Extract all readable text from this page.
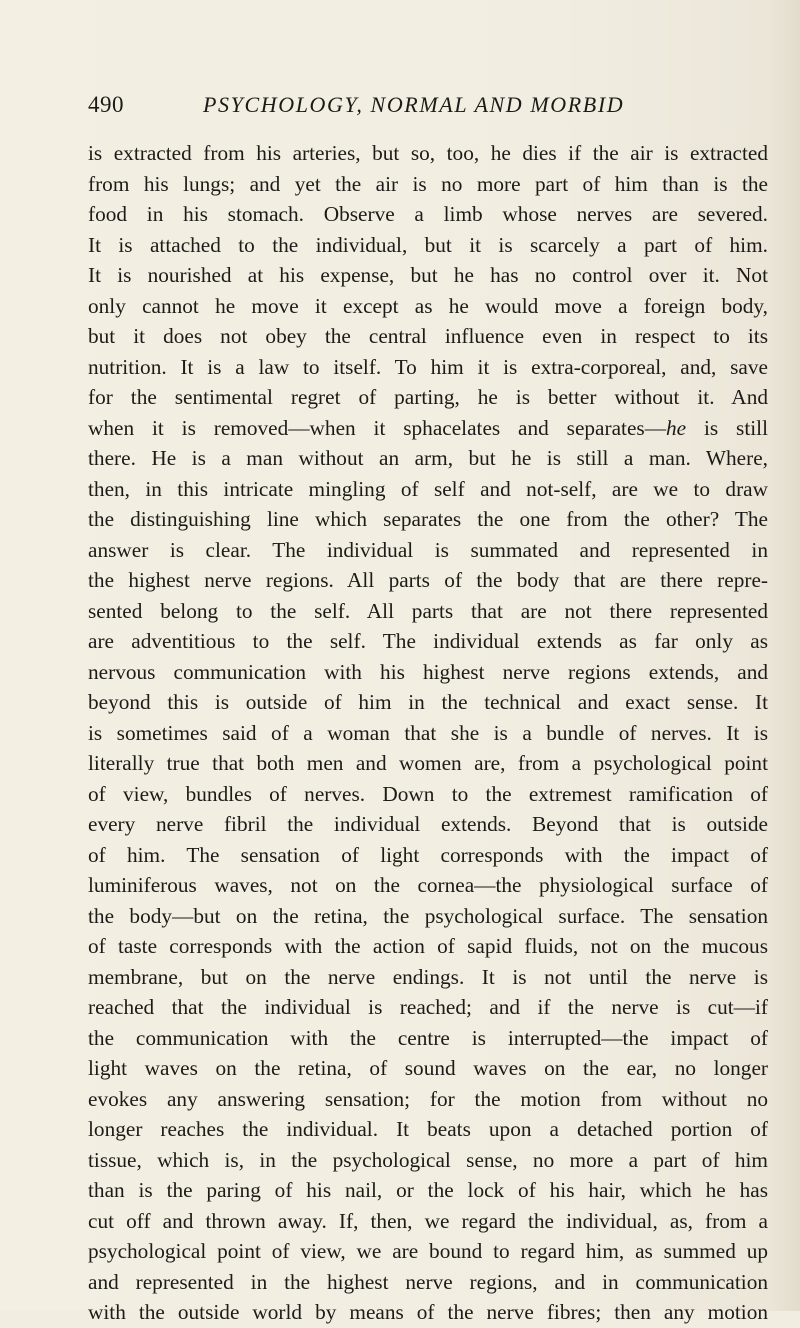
490	PSYCHOLOGY, NORMAL AND MORBID
is extracted from his arteries, but so, too, he dies if the air is extracted
from his lungs; and yet the air is no more part of him than is the
food in his stomach. Observe a limb whose nerves are severed.
It is attached to the individual, but it is scarcely a part of him.
It is nourished at his expense, but he has no control over it. Not
only cannot he move it except as he would move a foreign body,
but it does not obey the central influence even in respect to its
nutrition. It is a law to itself. To him it is extra-corporeal, and, save
for the sentimental regret of parting, he is better without it. And
when it is removed—when it sphacelates and separates—he is still
there. He is a man without an arm, but he is still a man. Where,
then, in this intricate mingling of self and not-self, are we to draw
the distinguishing line which separates the one from the other? The
answer is clear. The individual is summated and represented in
the highest nerve regions. All parts of the body that are there repre-
sented belong to the self. All parts that are not there represented
are adventitious to the self. The individual extends as far only as
nervous communication with his highest nerve regions extends, and
beyond this is outside of him in the technical and exact sense. It
is sometimes said of a woman that she is a bundle of nerves. It is
literally true that both men and women are, from a psychological point
of view, bundles of nerves. Down to the extremest ramification of
every nerve fibril the individual extends. Beyond that is outside
of him. The sensation of light corresponds with the impact of
luminiferous waves, not on the cornea—the physiological surface of
the body—but on the retina, the psychological surface. The sensation
of taste corresponds with the action of sapid fluids, not on the mucous
membrane, but on the nerve endings. It is not until the nerve is
reached that the individual is reached; and if the nerve is cut—if
the communication with the centre is interrupted—the impact of
light waves on the retina, of sound waves on the ear, no longer
evokes any answering sensation; for the motion from without no
longer reaches the individual. It beats upon a detached portion of
tissue, which is, in the psychological sense, no more a part of him
than is the paring of his nail, or the lock of his hair, which he has
cut off and thrown away. If, then, we regard the individual, as, from a
psychological point of view, we are bound to regard him, as summed up
and represented in the highest nerve regions, and in communication
with the outside world by means of the nerve fibres; then any motion
